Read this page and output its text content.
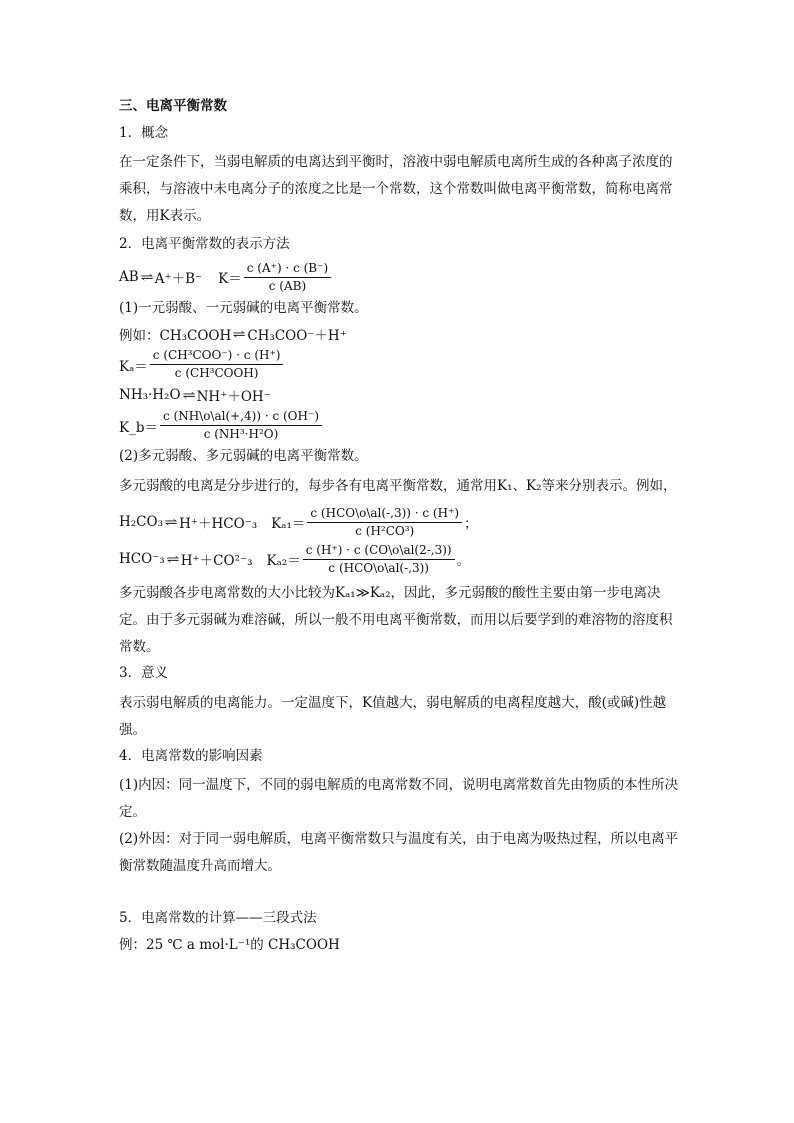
三、电离平衡常数
1．概念

在一定条件下，当弱电解质的电离达到平衡时，溶液中弱电解质电离所生成的各种离子浓度的乘积，与溶液中未电离分子的浓度之比是一个常数，这个常数叫做电离平衡常数，简称电离常数，用K表示。

2．电离平衡常数的表示方法
AB ⇌ A⁺＋B⁻ $K= \frac{c (A^+) \cdot c (B^-)}{c (AB)}$
(1)一元弱酸、一元弱碱的电离平衡常数。
例如：CH₃COOH ⇌ CH₃COO⁻＋H⁺
$K_a= \frac{\text{c (CH³COO⁻) · c (H⁺)}}{\text{c (CH³COOH)}}$
NH₃·H₂O ⇌ NH⁺＋OH⁻
K_b＝ $\frac{c (NH\backslash o\backslash al(+,4)) \cdot c (OH^-)}{\text{c (NH³·H²O)}}$
(2)多元弱酸、多元弱碱的电离平衡常数。

多元弱酸的电离是分步进行的，每步各有电离平衡常数，通常用K₁、K₂等来分别表示。例如，

H₂CO₃ ⇌ H⁺＋HCO⁻₃ $K_{a1}= \frac{\text{c (HCO\textbackslash{}o\textbackslash{}al(-,3)) · c (H⁺)}}{\text{c (H²CO³)}}$ ；
HCO⁻₃ ⇌ H⁺＋CO²⁻₃ $K_{a2}= \frac{c (H^+) \cdot c (CO\backslash o\backslash al(2-,3))}{\text{c (HCO\textbackslash{}o\textbackslash{}al(-,3))}}$ 。

多元弱酸各步电离常数的大小比较为Kₐ₁≫Kₐ₂，因此，多元弱酸的酸性主要由第一步电离决定。由于多元弱碱为难溶碱，所以一般不用电离平衡常数，而用以后要学到的难溶物的溶度积常数。

3．意义

表示弱电解质的电离能力。一定温度下，K值越大，弱电解质的电离程度越大，酸(或碱)性越强。

4．电离常数的影响因素

(1)内因：同一温度下，不同的弱电解质的电离常数不同，说明电离常数首先由物质的本性所决定。

(2)外因：对于同一弱电解质，电离平衡常数只与温度有关，由于电离为吸热过程，所以电离平衡常数随温度升高而增大。

5．电离常数的计算——三段式法
例：25 ℃ a mol·L⁻¹的 CH₃COOH
